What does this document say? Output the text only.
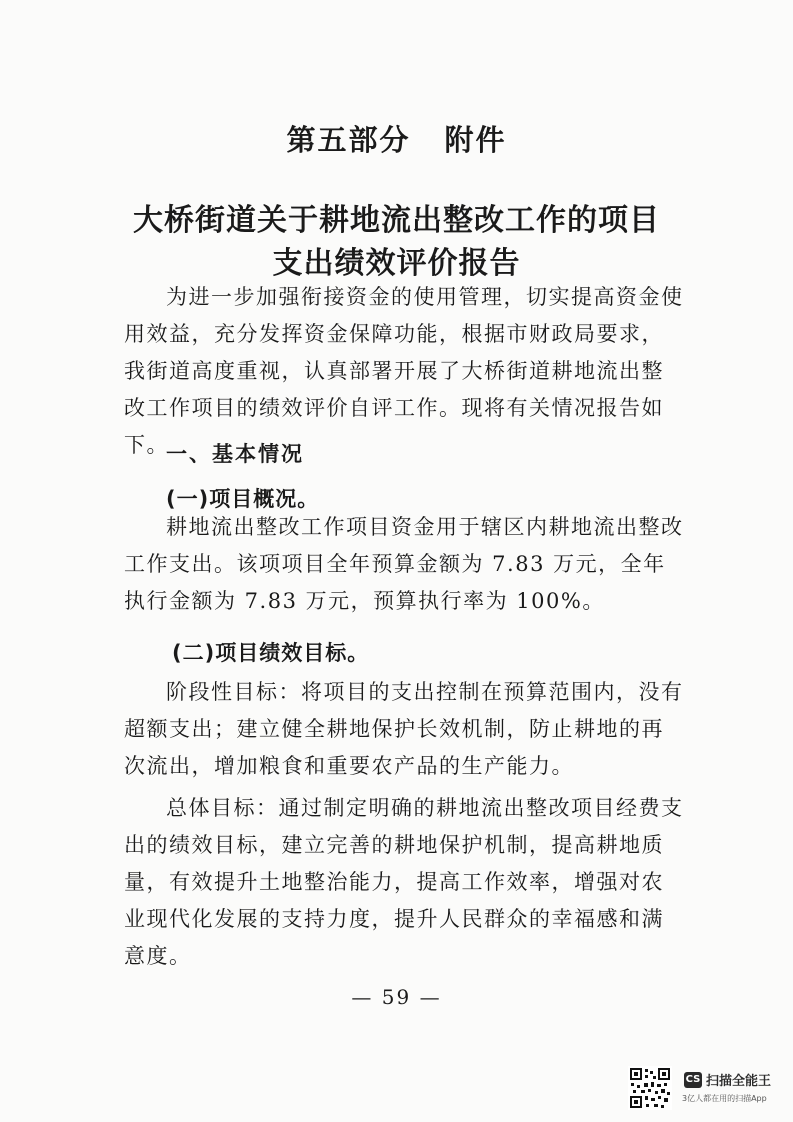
第五部分 附件
大桥街道关于耕地流出整改工作的项目
支出绩效评价报告
为进一步加强衔接资金的使用管理，切实提高资金使用效益，充分发挥资金保障功能，根据市财政局要求，我街道高度重视，认真部署开展了大桥街道耕地流出整改工作项目的绩效评价自评工作。现将有关情况报告如下。
一、基本情况
(一)项目概况。
耕地流出整改工作项目资金用于辖区内耕地流出整改工作支出。该项项目全年预算金额为 7.83 万元，全年执行金额为 7.83 万元，预算执行率为 100%。
(二)项目绩效目标。
阶段性目标：将项目的支出控制在预算范围内，没有超额支出；建立健全耕地保护长效机制，防止耕地的再次流出，增加粮食和重要农产品的生产能力。
总体目标：通过制定明确的耕地流出整改项目经费支出的绩效目标，建立完善的耕地保护机制，提高耕地质量，有效提升土地整治能力，提高工作效率，增强对农业现代化发展的支持力度，提升人民群众的幸福感和满意度。
— 59 —
CS 扫描全能王
3亿人都在用的扫描App
